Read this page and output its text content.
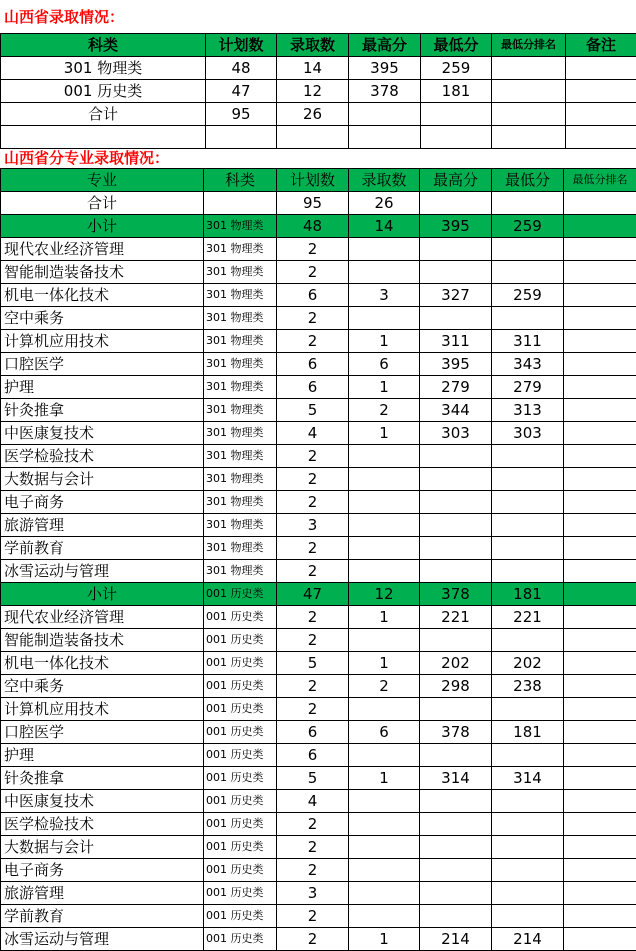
山西省录取情况：
科类	计划数	录取数	最高分	最低分	最低分排名	备注
301 物理类	48	14	395	259		
001 历史类	47	12	378	181		
合计	95	26				

山西省分专业录取情况：
专业	科类	计划数	录取数	最高分	最低分	最低分排名
合计		95	26			
小计	301 物理类	48	14	395	259	
现代农业经济管理	301 物理类	2				
智能制造装备技术	301 物理类	2				
机电一体化技术	301 物理类	6	3	327	259	
空中乘务	301 物理类	2				
计算机应用技术	301 物理类	2	1	311	311	
口腔医学	301 物理类	6	6	395	343	
护理	301 物理类	6	1	279	279	
针灸推拿	301 物理类	5	2	344	313	
中医康复技术	301 物理类	4	1	303	303	
医学检验技术	301 物理类	2				
大数据与会计	301 物理类	2				
电子商务	301 物理类	2				
旅游管理	301 物理类	3				
学前教育	301 物理类	2				
冰雪运动与管理	301 物理类	2				
小计	001 历史类	47	12	378	181	
现代农业经济管理	001 历史类	2	1	221	221	
智能制造装备技术	001 历史类	2				
机电一体化技术	001 历史类	5	1	202	202	
空中乘务	001 历史类	2	2	298	238	
计算机应用技术	001 历史类	2				
口腔医学	001 历史类	6	6	378	181	
护理	001 历史类	6				
针灸推拿	001 历史类	5	1	314	314	
中医康复技术	001 历史类	4				
医学检验技术	001 历史类	2				
大数据与会计	001 历史类	2				
电子商务	001 历史类	2				
旅游管理	001 历史类	3				
学前教育	001 历史类	2				
冰雪运动与管理	001 历史类	2	1	214	214	
